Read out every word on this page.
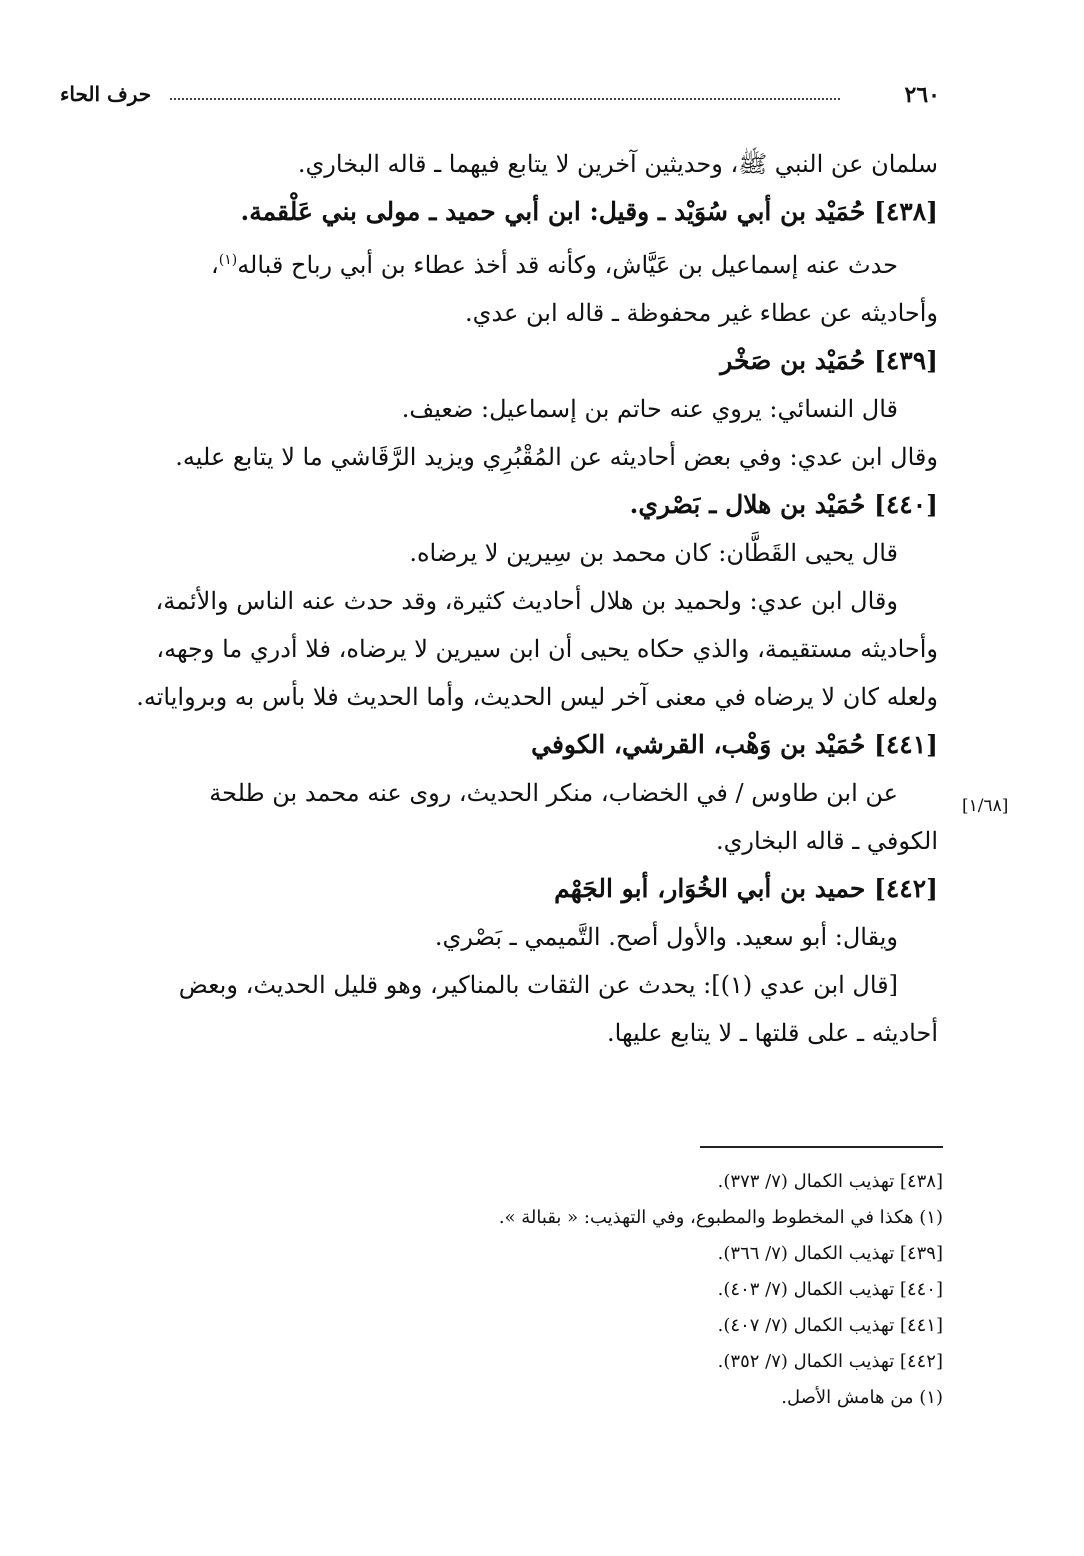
حرف الحاء	٢٦٠
[١/٦٨]
سلمان عن النبي ﷺ، وحديثين آخرين لا يتابع فيهما ـ قاله البخاري.
[٤٣٨] حُمَيْد بن أبي سُوَيْد ـ وقيل: ابن أبي حميد ـ مولى بني عَلْقمة.
حدث عنه إسماعيل بن عَيَّاش، وكأنه قد أخذ عطاء بن أبي رباح قباله$^{(١)}$،
وأحاديثه عن عطاء غير محفوظة ـ قاله ابن عدي.
[٤٣٩] حُمَيْد بن صَخْر
قال النسائي: يروي عنه حاتم بن إسماعيل: ضعيف.
وقال ابن عدي: وفي بعض أحاديثه عن المُقْبُرِي ويزيد الرَّقَاشي ما لا يتابع عليه.
[٤٤٠] حُمَيْد بن هلال ـ بَصْري.
قال يحيى القَطَّان: كان محمد بن سِيرين لا يرضاه.
وقال ابن عدي: ولحميد بن هلال أحاديث كثيرة، وقد حدث عنه الناس والأئمة،
وأحاديثه مستقيمة، والذي حكاه يحيى أن ابن سيرين لا يرضاه، فلا أدري ما وجهه،
ولعله كان لا يرضاه في معنى آخر ليس الحديث، وأما الحديث فلا بأس به وبرواياته.
[٤٤١] حُمَيْد بن وَهْب، القرشي، الكوفي
عن ابن طاوس / في الخضاب، منكر الحديث، روى عنه محمد بن طلحة
الكوفي ـ قاله البخاري.
[٤٤٢] حميد بن أبي الخُوَار، أبو الجَهْم
ويقال: أبو سعيد. والأول أصح. التَّميمي ـ بَصْري.
[قال ابن عدي (١)]: يحدث عن الثقات بالمناكير، وهو قليل الحديث، وبعض
أحاديثه ـ على قلتها ـ لا يتابع عليها.
[٤٣٨] تهذيب الكمال (٧/ ٣٧٣).
(١) هكذا في المخطوط والمطبوع، وفي التهذيب: « بقبالة ».
[٤٣٩] تهذيب الكمال (٧/ ٣٦٦).
[٤٤٠] تهذيب الكمال (٧/ ٤٠٣).
[٤٤١] تهذيب الكمال (٧/ ٤٠٧).
[٤٤٢] تهذيب الكمال (٧/ ٣٥٢).
(١) من هامش الأصل.
